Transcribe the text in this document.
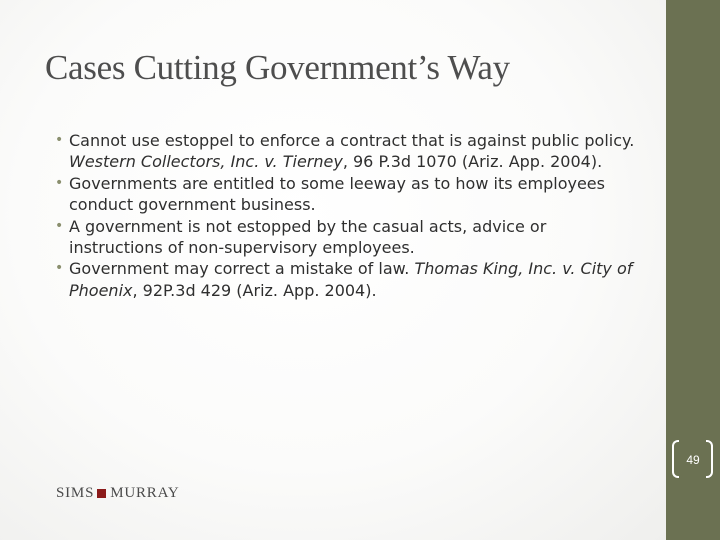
Cases Cutting Government’s Way
• Cannot use estoppel to enforce a contract that is against public policy. Western Collectors, Inc. v. Tierney, 96 P.3d 1070 (Ariz. App. 2004).
• Governments are entitled to some leeway as to how its employees conduct government business.
• A government is not estopped by the casual acts, advice or instructions of non-supervisory employees.
• Government may correct a mistake of law. Thomas King, Inc. v. City of Phoenix, 92P.3d 429 (Ariz. App. 2004).
SIMS MURRAY
49
